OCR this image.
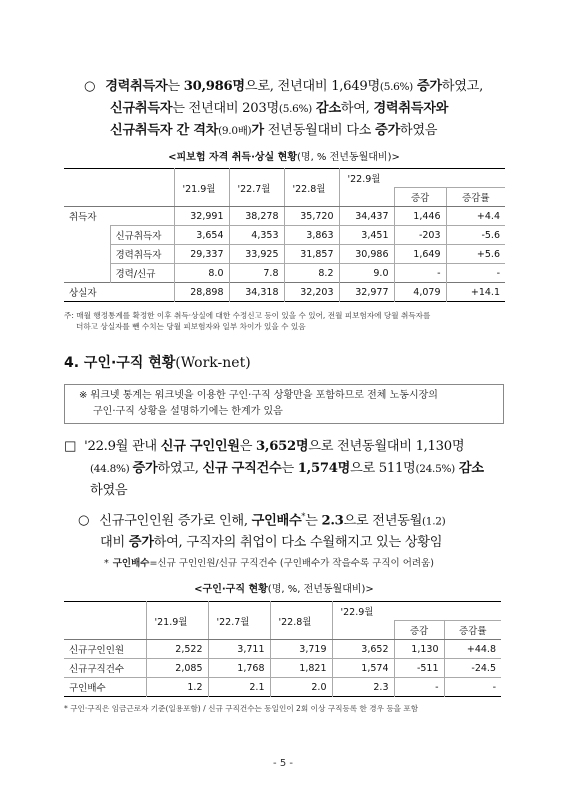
○ 경력취득자는 30,986명으로, 전년대비 1,649명(5.6%) 증가하였고,
신규취득자는 전년대비 203명(5.6%) 감소하여, 경력취득자와
신규취득자 간 격차(9.0배)가 전년동월대비 다소 증가하였음
<피보험 자격 취득·상실 현황(명, % 전년동월대비)>
		'21.9월	'22.7월	'22.8월	'22.9월		
						증감	증감률
취득자		32,991	38,278	35,720	34,437	1,446	+4.4
	신규취득자	3,654	4,353	3,863	3,451	-203	-5.6
	경력취득자	29,337	33,925	31,857	30,986	1,649	+5.6
	경력/신규	8.0	7.8	8.2	9.0	-	-
상실자		28,898	34,318	32,203	32,977	4,079	+14.1
주: 매월 행정통계를 확정한 이후 취득·상실에 대한 수정신고 등이 있을 수 있어, 전월 피보험자에 당월 취득자를
더하고 상실자를 뺀 수치는 당월 피보험자와 일부 차이가 있을 수 있음
4. 구인·구직 현황(Work-net)
※ 워크넷 통계는 워크넷을 이용한 구인·구직 상황만을 포함하므로 전체 노동시장의
구인·구직 상황을 설명하기에는 한계가 있음
□ '22.9월 관내 신규 구인인원은 3,652명으로 전년동월대비 1,130명
(44.8%) 증가하였고, 신규 구직건수는 1,574명으로 511명(24.5%) 감소
하였음
○ 신규구인인원 증가로 인해, 구인배수*는 2.3으로 전년동월(1.2)
대비 증가하여, 구직자의 취업이 다소 수월해지고 있는 상황임
* 구인배수=신규 구인인원/신규 구직건수 (구인배수가 작을수록 구직이 어려움)
<구인·구직 현황(명, %, 전년동월대비)>
	'21.9월	'22.7월	'22.8월	'22.9월		
					증감	증감률
신규구인인원	2,522	3,711	3,719	3,652	1,130	+44.8
신규구직건수	2,085	1,768	1,821	1,574	-511	-24.5
구인배수	1.2	2.1	2.0	2.3	-	-
* 구인·구직은 임금근로자 기준(일용포함) / 신규 구직건수는 동일인이 2회 이상 구직등록 한 경우 등을 포함
- 5 -
